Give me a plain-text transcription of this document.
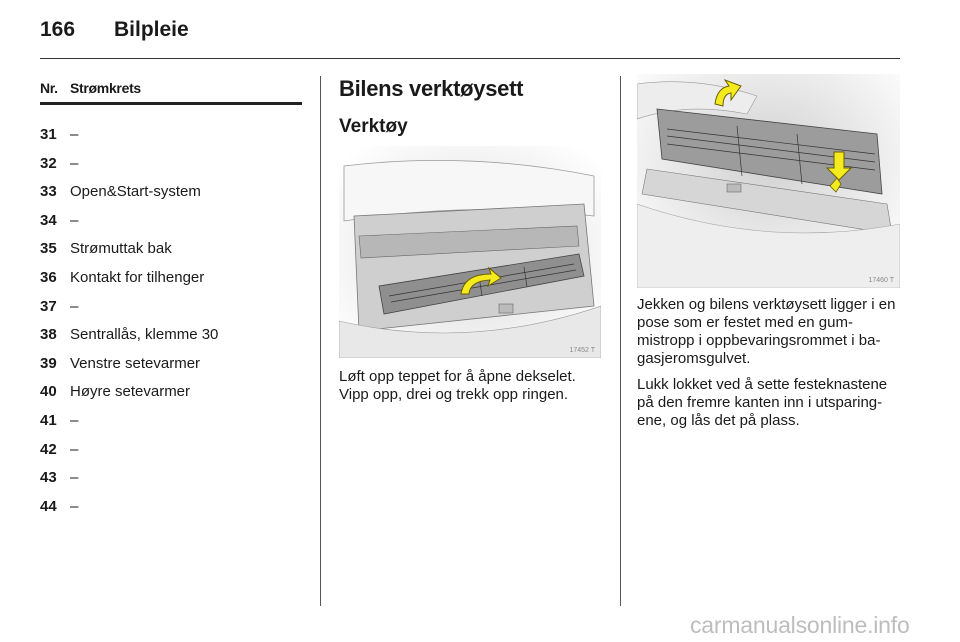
166	Bilpleie
Nr. Strømkrets
31 –
32 –
33 Open&Start-system
34 –
35 Strømuttak bak
36 Kontakt for tilhenger
37 –
38 Sentrallås, klemme 30
39 Venstre setevarmer
40 Høyre setevarmer
41 –
42 –
43 –
44 –
Bilens verktøysett
Verktøy
17452 T

Løft opp teppet for å åpne dekselet. Vipp opp, drei og trekk opp ringen.

17460 T

Jekken og bilens verktøysett ligger i en pose som er festet med en gummistropp i oppbevaringsrommet i bagasjeromsgulvet.

Lukk lokket ved å sette festeknastene på den fremre kanten inn i utsparingene, og lås det på plass.

carmanualsonline.info
